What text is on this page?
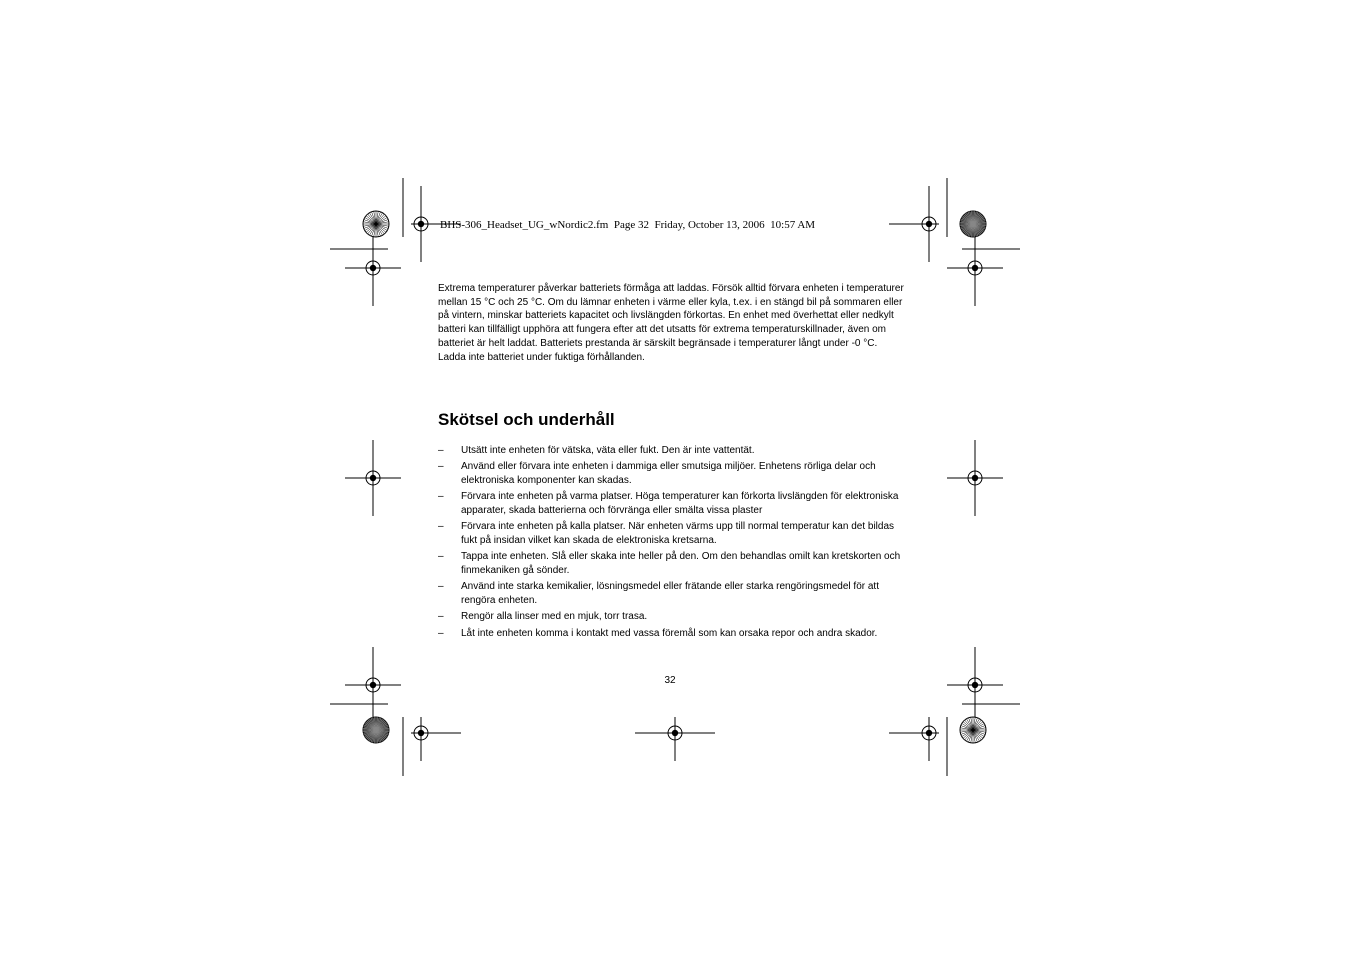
BHS-306_Headset_UG_wNordic2.fm  Page 32  Friday, October 13, 2006  10:57 AM

Extrema temperaturer påverkar batteriets förmåga att laddas. Försök alltid förvara enheten i temperaturer mellan 15 °C och 25 °C. Om du lämnar enheten i värme eller kyla, t.ex. i en stängd bil på sommaren eller på vintern, minskar batteriets kapacitet och livslängden förkortas. En enhet med överhettat eller nedkylt batteri kan tillfälligt upphöra att fungera efter att det utsatts för extrema temperaturskillnader, även om batteriet är helt laddat. Batteriets prestanda är särskilt begränsade i temperaturer långt under -0 °C. Ladda inte batteriet under fuktiga förhållanden.

Skötsel och underhåll
– Utsätt inte enheten för vätska, väta eller fukt. Den är inte vattentät.
– Använd eller förvara inte enheten i dammiga eller smutsiga miljöer. Enhetens rörliga delar och elektroniska komponenter kan skadas.
– Förvara inte enheten på varma platser. Höga temperaturer kan förkorta livslängden för elektroniska apparater, skada batterierna och förvränga eller smälta vissa plaster
– Förvara inte enheten på kalla platser. När enheten värms upp till normal temperatur kan det bildas fukt på insidan vilket kan skada de elektroniska kretsarna.
– Tappa inte enheten. Slå eller skaka inte heller på den. Om den behandlas omilt kan kretskorten och finmekaniken gå sönder.
– Använd inte starka kemikalier, lösningsmedel eller frätande eller starka rengöringsmedel för att rengöra enheten.
– Rengör alla linser med en mjuk, torr trasa.
– Låt inte enheten komma i kontakt med vassa föremål som kan orsaka repor och andra skador.
32
